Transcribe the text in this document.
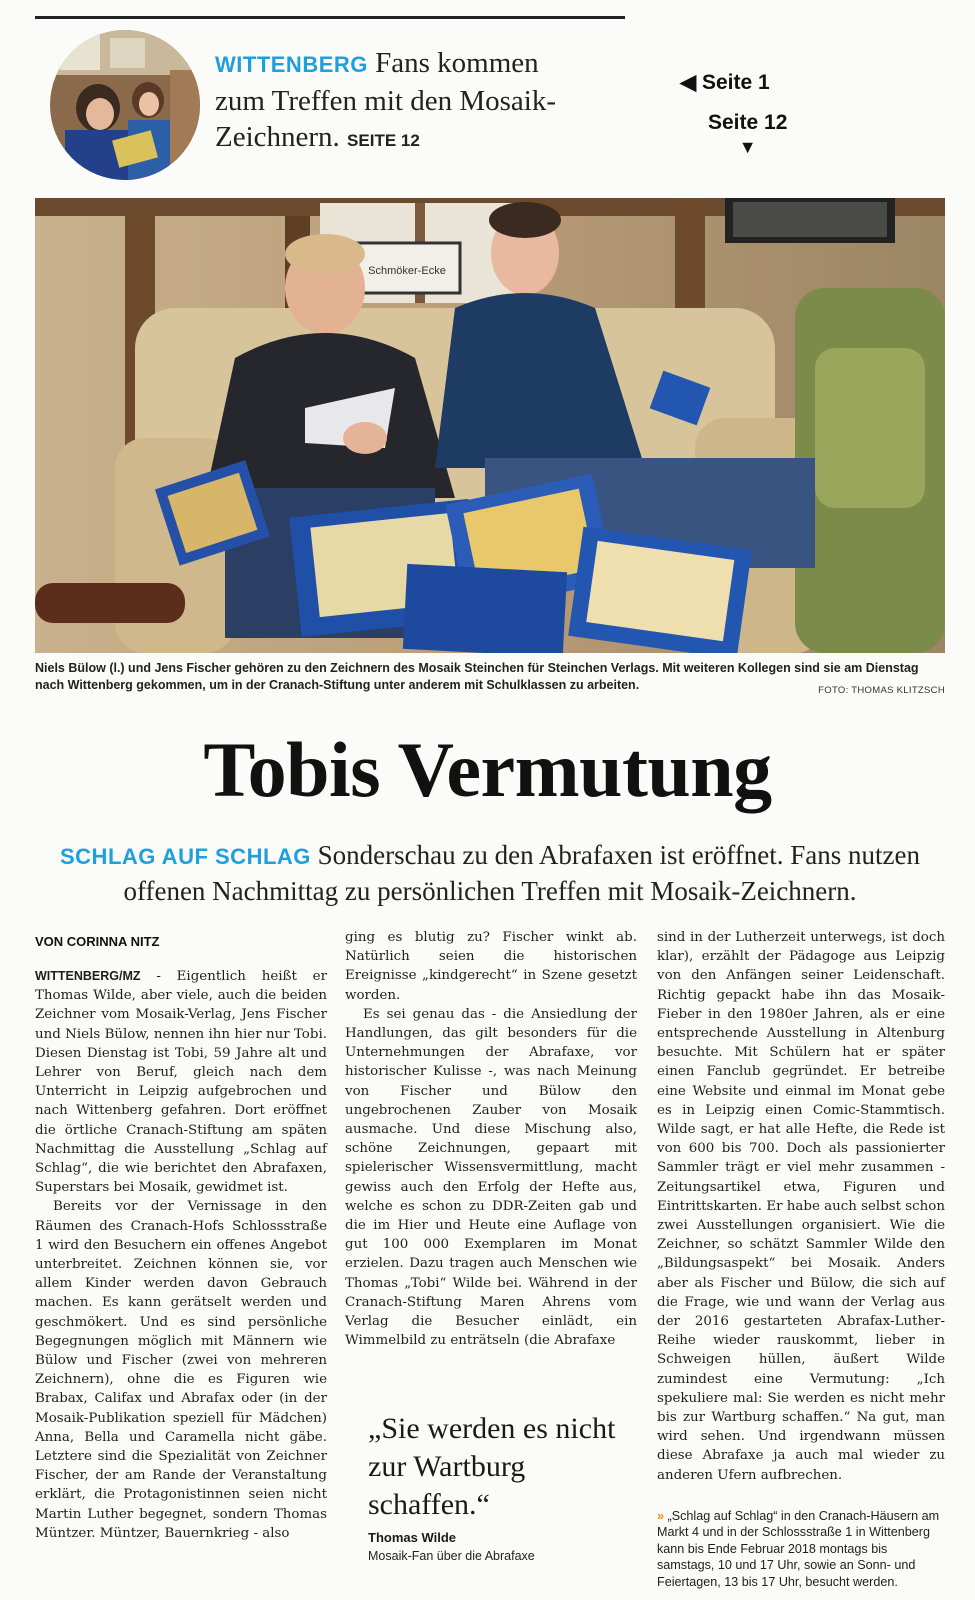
WITTENBERG Fans kommen zum Treffen mit den Mosaik-Zeichnern. SEITE 12
◀ Seite 1
Seite 12
▼
Schmöker-Ecke
Niels Bülow (l.) und Jens Fischer gehören zu den Zeichnern des Mosaik Steinchen für Steinchen Verlags. Mit weiteren Kollegen sind sie am Dienstag nach Wittenberg gekommen, um in der Cranach-Stiftung unter anderem mit Schulklassen zu arbeiten.	FOTO: THOMAS KLITZSCH
Tobis Vermutung
SCHLAG AUF SCHLAG Sonderschau zu den Abrafaxen ist eröffnet. Fans nutzen offenen Nachmittag zu persönlichen Treffen mit Mosaik-Zeichnern.
VON CORINNA NITZ

WITTENBERG/MZ - Eigentlich heißt er Thomas Wilde, aber viele, auch die beiden Zeichner vom Mosaik-Verlag, Jens Fischer und Niels Bülow, nennen ihn hier nur Tobi. Diesen Dienstag ist Tobi, 59 Jahre alt und Lehrer von Beruf, gleich nach dem Unterricht in Leipzig aufgebrochen und nach Wittenberg gefahren. Dort eröffnet die örtliche Cranach-Stiftung am späten Nachmittag die Ausstellung „Schlag auf Schlag“, die wie berichtet den Abrafaxen, Superstars bei Mosaik, gewidmet ist.

Bereits vor der Vernissage in den Räumen des Cranach-Hofs Schlossstraße 1 wird den Besuchern ein offenes Angebot unterbreitet. Zeichnen können sie, vor allem Kinder werden davon Gebrauch machen. Es kann gerätselt werden und geschmökert. Und es sind persönliche Begegnungen möglich mit Männern wie Bülow und Fischer (zwei von mehreren Zeichnern), ohne die es Figuren wie Brabax, Califax und Abrafax oder (in der Mosaik-Publikation speziell für Mädchen) Anna, Bella und Caramella nicht gäbe. Letztere sind die Spezialität von Zeichner Fischer, der am Rande der Veranstaltung erklärt, die Protagonistinnen seien nicht Martin Luther begegnet, sondern Thomas Müntzer. Müntzer, Bauernkrieg - also

ging es blutig zu? Fischer winkt ab. Natürlich seien die historischen Ereignisse „kindgerecht“ in Szene gesetzt worden.

Es sei genau das - die Ansiedlung der Handlungen, das gilt besonders für die Unternehmungen der Abrafaxe, vor historischer Kulisse -, was nach Meinung von Fischer und Bülow den ungebrochenen Zauber von Mosaik ausmache. Und diese Mischung also, schöne Zeichnungen, gepaart mit spielerischer Wissensvermittlung, macht gewiss auch den Erfolg der Hefte aus, welche es schon zu DDR-Zeiten gab und die im Hier und Heute eine Auflage von gut 100 000 Exemplaren im Monat erzielen. Dazu tragen auch Menschen wie Thomas „Tobi“ Wilde bei. Während in der Cranach-Stiftung Maren Ahrens vom Verlag die Besucher einlädt, ein Wimmelbild zu enträtseln (die Abrafaxe

„Sie werden es nicht zur Wartburg schaffen.“
Thomas Wilde
Mosaik-Fan über die Abrafaxe

sind in der Lutherzeit unterwegs, ist doch klar), erzählt der Pädagoge aus Leipzig von den Anfängen seiner Leidenschaft. Richtig gepackt habe ihn das Mosaik-Fieber in den 1980er Jahren, als er eine entsprechende Ausstellung in Altenburg besuchte. Mit Schülern hat er später einen Fanclub gegründet. Er betreibe eine Website und einmal im Monat gebe es in Leipzig einen Comic-Stammtisch. Wilde sagt, er hat alle Hefte, die Rede ist von 600 bis 700. Doch als passionierter Sammler trägt er viel mehr zusammen - Zeitungsartikel etwa, Figuren und Eintrittskarten. Er habe auch selbst schon zwei Ausstellungen organisiert. Wie die Zeichner, so schätzt Sammler Wilde den „Bildungsaspekt“ bei Mosaik. Anders aber als Fischer und Bülow, die sich auf die Frage, wie und wann der Verlag aus der 2016 gestarteten Abrafax-Luther-Reihe wieder rauskommt, lieber in Schweigen hüllen, äußert Wilde zumindest eine Vermutung: „Ich spekuliere mal: Sie werden es nicht mehr bis zur Wartburg schaffen.“ Na gut, man wird sehen. Und irgendwann müssen diese Abrafaxe ja auch mal wieder zu anderen Ufern aufbrechen.

» „Schlag auf Schlag“ in den Cranach-Häusern am Markt 4 und in der Schlossstraße 1 in Wittenberg kann bis Ende Februar 2018 montags bis samstags, 10 und 17 Uhr, sowie an Sonn- und Feiertagen, 13 bis 17 Uhr, besucht werden.
